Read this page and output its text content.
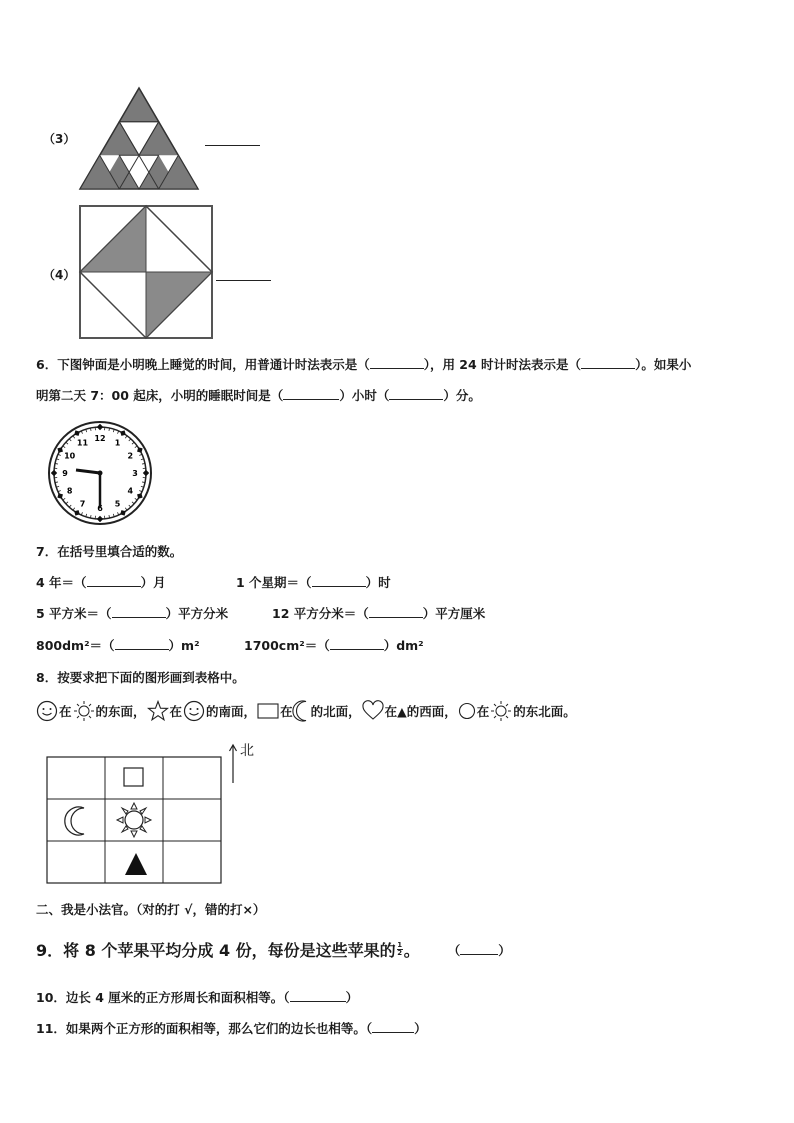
（3）
（4）
6．下图钟面是小明晚上睡觉的时间，用普通计时法表示是（	），用 24 时计时法表示是（	）。如果小
明第二天 7：00 起床，小明的睡眠时间是（	）小时（	）分。
12
1
2
3
4
5
6
7
8
9
10
11
7．在括号里填合适的数。
4 年＝（	）月	1 个星期＝（	）时
5 平方米＝（	）平方分米	12 平方分米＝（	）平方厘米
800dm²＝（	）m²	1700cm²＝（	）dm²
8．按要求把下面的图形画到表格中。
在 的东面， 在 的南面， 在 的北面， 在▲的西面， 在 的东北面。
北
二、我是小法官。（对的打 √，错的打×）
9．将 8 个苹果平均分成 4 份，每份是这些苹果的 1
2 。 （	）
10．边长 4 厘米的正方形周长和面积相等。（	）
11．如果两个正方形的面积相等，那么它们的边长也相等。（	）
